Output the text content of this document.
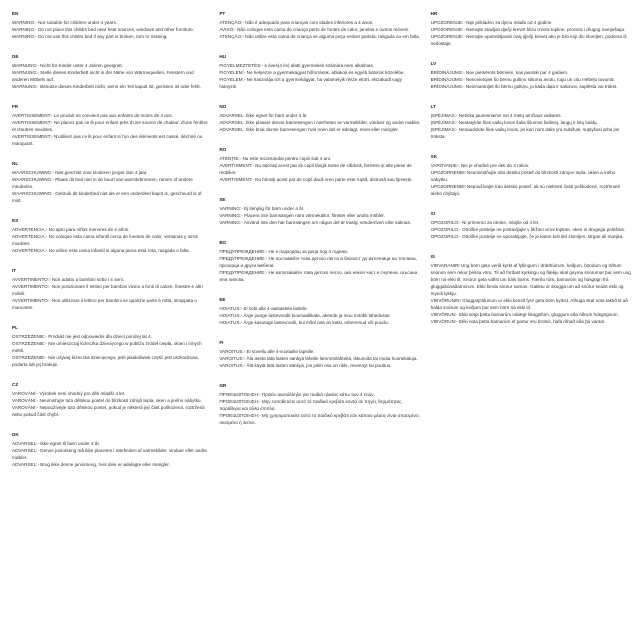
EN
WARNING:- Not suitable for children under 4 years.
WARNING:- Do not place this childrs bed near heat sources, windows and other furniture.
WARNING:- Do not use this childrs bed if any part is broken, torn or missing.
DE
WARNUNG:- Nicht für Kinder unter 4 Jahren geeignet.
WARNUNG:- Stelle dieses Kinderbett nicht in der Nähe von Wärmequellen, Fenstern und anderen Möbeln auf.
WARNUNG:- Benutze dieses Kinderbett nicht, wenn ein Teil kaputt ist, gerissen ist oder fehlt.
FR
AVERTISSEMENT:- Le produit ne convient pas aux enfants de moins de 4 ans.
AVERTISSEMENT:- Ne placez pas ce lit pour enfant près d'une source de chaleur, d'une fenêtre et d'autres meubles.
AVERTISSEMENT:- N'utilisez pas ce lit pour enfant si l'un des éléments est cassé, déchiré ou manquant.
NL
WAARSCHUWING:- Niet geschikt voor kinderen jonger dan 4 jaar.
WAARSCHUWING:- Plaats dit bed niet in de buurt van warmtebronnen, ramen of andere meubelen.
WAARSCHUWING:- Gebruik dit kinderbed niet als er een onderdeel kapot is, gescheurd is of mist.
ES
ADVERTENCIA:- No apto para niños menores de 4 años.
ADVERTENCIA:- No coloque esta cama infantil cerca de fuentes de calor, ventanas y otros muebles.
ADVERTENCIA:- No utilice esta cama infantil si alguna pieza está rota, rasgada o falta.
IT
AVVERTIMENTO:- Non adatto a bambini sotto i 4 anni.
AVVERTIMENTO:- Non posizionare il lettino per bambini vicino a fonti di calore, finestre e altri mobili.
AVVERTIMENTO:- Non utilizzare il lettino per bambini se qualche parte è rotta, strappata o mancante.
PL
OSTRZEŻENIE:- Produkt nie jest odpowiedni dla dzieci poniżej lat 4.
OSTRZEŻENIE:- Nie umieszczaj łóżeczka dziecięcego w pobliżu źródeł ciepła, okien i innych mebli.
OSTRZEŻENIE:- Nie używaj łóżeczka dziecięcego, jeśli jakakolwiek część jest uszkodzona, podarta lub jej brakuje.
CZ
VAROVÁNÍ:- Výrobek není vhodný pro děti mladší 4 let.
VAROVÁNÍ:- Neumisťujte tuto dětskou postel do blízkosti zdrojů tepla, oken a jiného nábytku.
VAROVÁNÍ:- Nepoužívejte tuto dětskou postel, pokud je některá její část poškozená, roztržená nebo pokud část chybí.
DK
ADVARSEL:- Ikke egnet til børn under 4 år.
ADVARSEL:- Denne juniorseng må ikke placeres i nærheden af varmekilder, vinduer eller andre møbler.
ADVARSEL:- Brug ikke denne juniorseng, hvis dele er ødelagte eller mangler.
PT
ATENÇÃO:- Não é adequado para crianças com idades inferiores a 4 anos.
AVISO:- Não coloque esta cama de criança perto de fontes de calor, janelas e outros móveis.
ATENÇÃO:- Não utilize esta cama de criança se alguma peça estiver partida, rasgada ou em falta.
HU
FIGYELMEZTETÉS:- 4 éves(4 év) alatti gyermekek számára nem alkalmas.
FIGYELEM:- Ne helyezze a gyermekágyat hőforrások, ablakok és egyéb bútorok közelébe.
FIGYELEM:- Ne használja ezt a gyermekágyat, ha valamelyik része eltört, elszakadt vagy hiányzik.
NO
ADVARSEL: Ikke egnet for barn under 4 år.
ADVARSEL: Ikke plasser denne barnesengen i nærheten av varmekilder, vinduer og andre møbler.
ADVARSEL: Ikke bruk denne barnesengen hvis noen del er ødelagt, revet eller mangler.
RO
ATENȚIE:- Nu este recomandat pentru copiii sub 4 ani.
AVERTISMENT:- Nu așezați acest pat de copil lângă surse de căldură, ferestre și alte piese de mobilier.
AVERTISMENT:- Nu folosiți acest pat de copil dacă vreo parte este ruptă, distrusă sau lipsește.
SE
VARNING:- Ej lämplig för barn under 4 år.
VARNING:- Placera inte barnsängen nära värmekällor, fönster eller andra möbler.
VARNING:- Använd inte den här barnsängen om någon del är trasig, sönderriven eller saknas.
BG
ПРЕДУПРЕЖДЕНИЕ:- Не е подходящ за деца под 4 години.
ПРЕДУПРЕЖДЕНИЕ:- Не поставяйте това детско легло в близост до източници на топлина, прозорци и други мебели.
ПРЕДУПРЕЖДЕНИЕ:- Не използвайте това детско легло, ако някоя част е счупена, скъсана или липсва.
EE
HOIATUS:- Ei sobi alla 4-aastastele lastele.
HOIATUS:- Ärge pange lastevoodit kuumaallikate, akende ja muu mööbli lähedusse.
HOIATUS:- Ärge kasutage lastevoodit, kui mõni osa on katki, rebenenud või puudu.
FI
VAROITUS:- Ei sovellu alle 4-vuotiaille lapsille.
VAROITUS:- Älä aseta tätä lasten sänkyä lähelle lämmönlähteitä, ikkunoita tai muita huonekaluja.
VAROITUS:- Älä käytä tätä lasten sänkyä, jos jokin osa on rikki, revennyt tai puuttuu.
GR
ΠΡΟΕΙΔΟΠΟΙΗΣΗ:- Προϊόν ακατάλληλο για παιδιά ηλικίας κάτω των 4 ετών.
ΠΡΟΕΙΔΟΠΟΙΗΣΗ:- Μην τοποθετείτε αυτό το παιδικό κρεβάτι κοντά σε πηγές θερμότητας, παράθυρα και άλλα έπιπλα.
ΠΡΟΕΙΔΟΠΟΙΗΣΗ:- Μη χρησιμοποιείτε αυτό το παιδικό κρεβάτι εάν κάποιο μέρος είναι σπασμένο, σκισμένο ή λείπει.
HR
UPOZORENJE:- Nije prikladno za djecu mlađu od 4 godine.
UPOZORENJE:- Nemojte stavljati dječji krevet blizu izvora topline, prozora i drugog namještaja.
UPOZORENJE:- Nemojte upotrebljavati ovaj dječji krevet ako je bilo koji dio slomljen, poderan ili nedostaje.
LV
BRĪDINĀJUMS:- Nav piemērots bērniem, kas jaunāki par 4 gadiem.
BRĪDINĀJUMS:- Nenovietojiet šo bērnu gultiņu siltuma avotu, logu un citu mēbeļu tuvumā.
BRĪDINĀJUMS:- Neizmantojiet šo bērnu gultiņu, ja kāda daļa ir salūzusi, saplēsta vai trūkst.
LT
ĮSPĖJIMAS:- Netinka jaunesniems nei 4 metų amžiaus vaikams.
ĮSPĖJIMAS:- Nestatykite šios vaikų lovos šalia šilumos šaltinių, langų ir kitų baldų.
ĮSPĖJIMAS:- Nenaudokite šios vaikų lovos, jei kuri nors dalis yra sulūžusi, suplyšusi arba jos trūksta.
SK
VAROVANIE:- Nie je vhodné pre deti do 4 rokov.
UPOZORNENIE! Neumiestňujte túto detskú posteľ do blízkosti zdrojov tepla, okien a iného nábytku.
UPOZORNENIE! Nepoužívajte túto detskú posteľ, ak sú niektoré časti poškodené, roztrhnuté alebo chýbajú.
SI
OPOZORILO:- Ni primerno za otroke, mlajše od 4 let.
OPOZORILO:- Otroške postelje ne postavljajte v bližino virov toplote, oken in drugega pohištva.
OPOZORILO:- Otroške postelje ne uporabljajte, če je kateri koli del zlomljen, strgan ali manjka.
IS
VIÐVARANIR! Ung börn geta verið kyrkt af fyllingum í drátthúrrum, keðjum, böndum og öðrum snúrum sem rekur þessa vöru. Til að forðast kyrkingu og flækju skal geyma snúrurnar þar sem ung börn ná ekki til. Snúrur geta vafist um háls barns. Færðu rúm, barnarúm og húsgögn frá gluggabúnaðarnúrum. Ekki binda snúrur saman. Gakktu úr skugga um að snúrur snúist ekki og myndi lykkju.
VIÐVÖRUNIN! Gluggatjöldunum ur ekki komið fyrir geta börn kyrkst. Athuga skal nota taktið til að halda snúrum og keðjum þar sem börn ná ekki til.
VIÐVÖRUN:- Ekki setja þetta barnarúm nálægt hitagjöfum, gluggum eða öðrum húsgögnum.
VIÐVÖRUN:- Ekki nota þetta barnarúm ef partur eru brotnir, hafa rifnað eða þá vantar.
